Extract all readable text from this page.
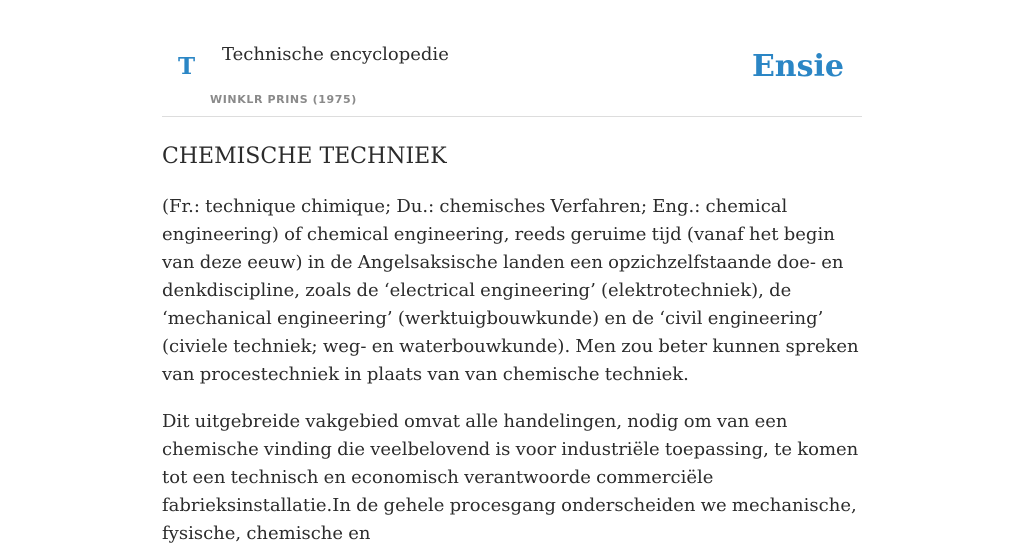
T Technische encyclopedie
WINKLR PRINS (1975)
Ensie
CHEMISCHE TECHNIEK

(Fr.: technique chimique; Du.: chemisches Verfahren; Eng.: chemical engineering) of chemical engineering, reeds geruime tijd (vanaf het begin van deze eeuw) in de Angelsaksische landen een opzichzelfstaande doe- en denkdiscipline, zoals de ‘electrical engineering’ (elektrotechniek), de ‘mechanical engineering’ (werktuigbouwkunde) en de ‘civil engineering’ (civiele techniek; weg- en waterbouwkunde). Men zou beter kunnen spreken van procestechniek in plaats van van chemische techniek.

Dit uitgebreide vakgebied omvat alle handelingen, nodig om van een chemische vinding die veelbelovend is voor industriële toepassing, te komen tot een technisch en economisch verantwoorde commerciële fabrieksinstallatie.In de gehele procesgang onderscheiden we mechanische, fysische, chemische en
